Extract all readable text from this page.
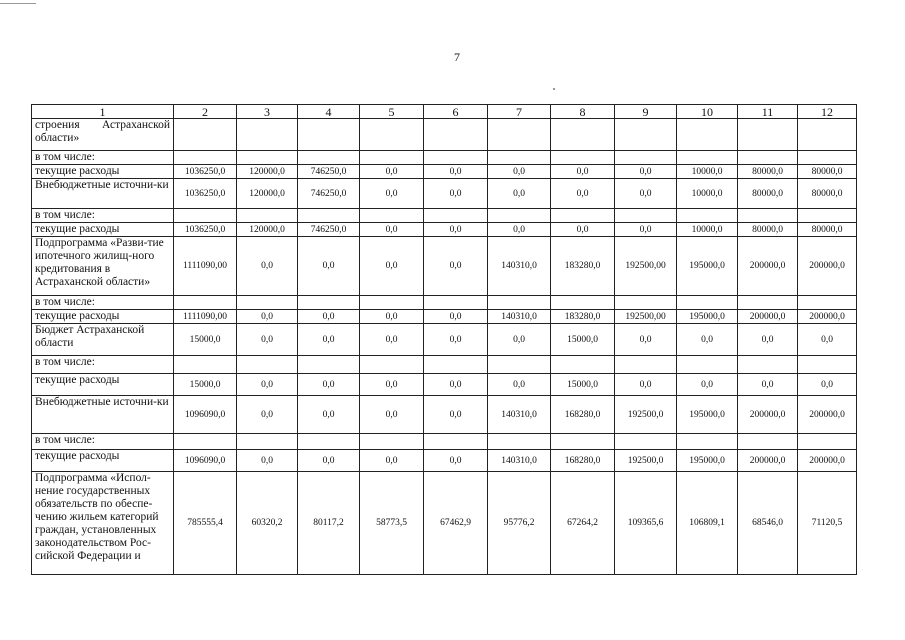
7
1	2	3	4	5	6	7	8	9	10	11	12
строения Астраханской области»											
в том числе:											
текущие расходы	1036250,0	120000,0	746250,0	0,0	0,0	0,0	0,0	0,0	10000,0	80000,0	80000,0
Внебюджетные источни-ки	1036250,0	120000,0	746250,0	0,0	0,0	0,0	0,0	0,0	10000,0	80000,0	80000,0
в том числе:											
текущие расходы	1036250,0	120000,0	746250,0	0,0	0,0	0,0	0,0	0,0	10000,0	80000,0	80000,0
Подпрограмма «Разви-тие ипотечного жилищ-ного кредитования в Астраханской области»	1111090,00	0,0	0,0	0,0	0,0	140310,0	183280,0	192500,00	195000,0	200000,0	200000,0
в том числе:											
текущие расходы	1111090,00	0,0	0,0	0,0	0,0	140310,0	183280,0	192500,00	195000,0	200000,0	200000,0
Бюджет Астраханской области	15000,0	0,0	0,0	0,0	0,0	0,0	15000,0	0,0	0,0	0,0	0,0
в том числе:											
текущие расходы	15000,0	0,0	0,0	0,0	0,0	0,0	15000,0	0,0	0,0	0,0	0,0
Внебюджетные источни-ки	1096090,0	0,0	0,0	0,0	0,0	140310,0	168280,0	192500,0	195000,0	200000,0	200000,0
в том числе:											
текущие расходы	1096090,0	0,0	0,0	0,0	0,0	140310,0	168280,0	192500,0	195000,0	200000,0	200000,0
Подпрограмма «Испол-нение государственных обязательств по обеспе-чению жильем категорий граждан, установленных законодательством Рос-сийской Федерации и	785555,4	60320,2	80117,2	58773,5	67462,9	95776,2	67264,2	109365,6	106809,1	68546,0	71120,5
